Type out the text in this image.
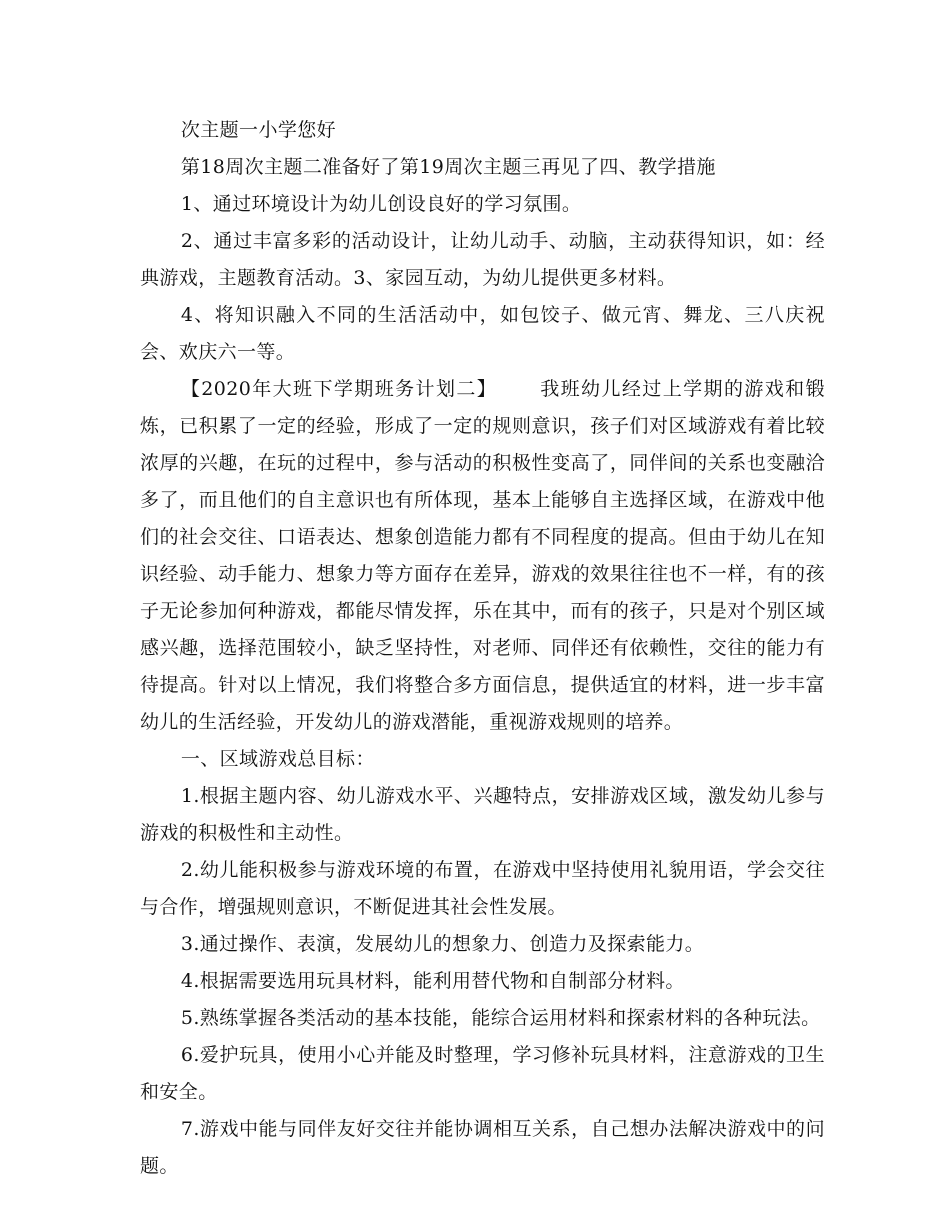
次主题一小学您好

第18周次主题二准备好了第19周次主题三再见了四、教学措施

1、通过环境设计为幼儿创设良好的学习氛围。

2、通过丰富多彩的活动设计，让幼儿动手、动脑，主动获得知识，如：经典游戏，主题教育活动。3、家园互动，为幼儿提供更多材料。

4、将知识融入不同的生活活动中，如包饺子、做元宵、舞龙、三八庆祝会、欢庆六一等。

【2020年大班下学期班务计划二】 我班幼儿经过上学期的游戏和锻炼，已积累了一定的经验，形成了一定的规则意识，孩子们对区域游戏有着比较浓厚的兴趣，在玩的过程中，参与活动的积极性变高了，同伴间的关系也变融洽多了，而且他们的自主意识也有所体现，基本上能够自主选择区域，在游戏中他们的社会交往、口语表达、想象创造能力都有不同程度的提高。但由于幼儿在知识经验、动手能力、想象力等方面存在差异，游戏的效果往往也不一样，有的孩子无论参加何种游戏，都能尽情发挥，乐在其中，而有的孩子，只是对个别区域感兴趣，选择范围较小，缺乏坚持性，对老师、同伴还有依赖性，交往的能力有待提高。针对以上情况，我们将整合多方面信息，提供适宜的材料，进一步丰富幼儿的生活经验，开发幼儿的游戏潜能，重视游戏规则的培养。

一、区域游戏总目标：

1.根据主题内容、幼儿游戏水平、兴趣特点，安排游戏区域，激发幼儿参与游戏的积极性和主动性。

2.幼儿能积极参与游戏环境的布置，在游戏中坚持使用礼貌用语，学会交往与合作，增强规则意识，不断促进其社会性发展。

3.通过操作、表演，发展幼儿的想象力、创造力及探索能力。

4.根据需要选用玩具材料，能利用替代物和自制部分材料。

5.熟练掌握各类活动的基本技能，能综合运用材料和探索材料的各种玩法。

6.爱护玩具，使用小心并能及时整理，学习修补玩具材料，注意游戏的卫生和安全。

7.游戏中能与同伴友好交往并能协调相互关系，自己想办法解决游戏中的问题。
